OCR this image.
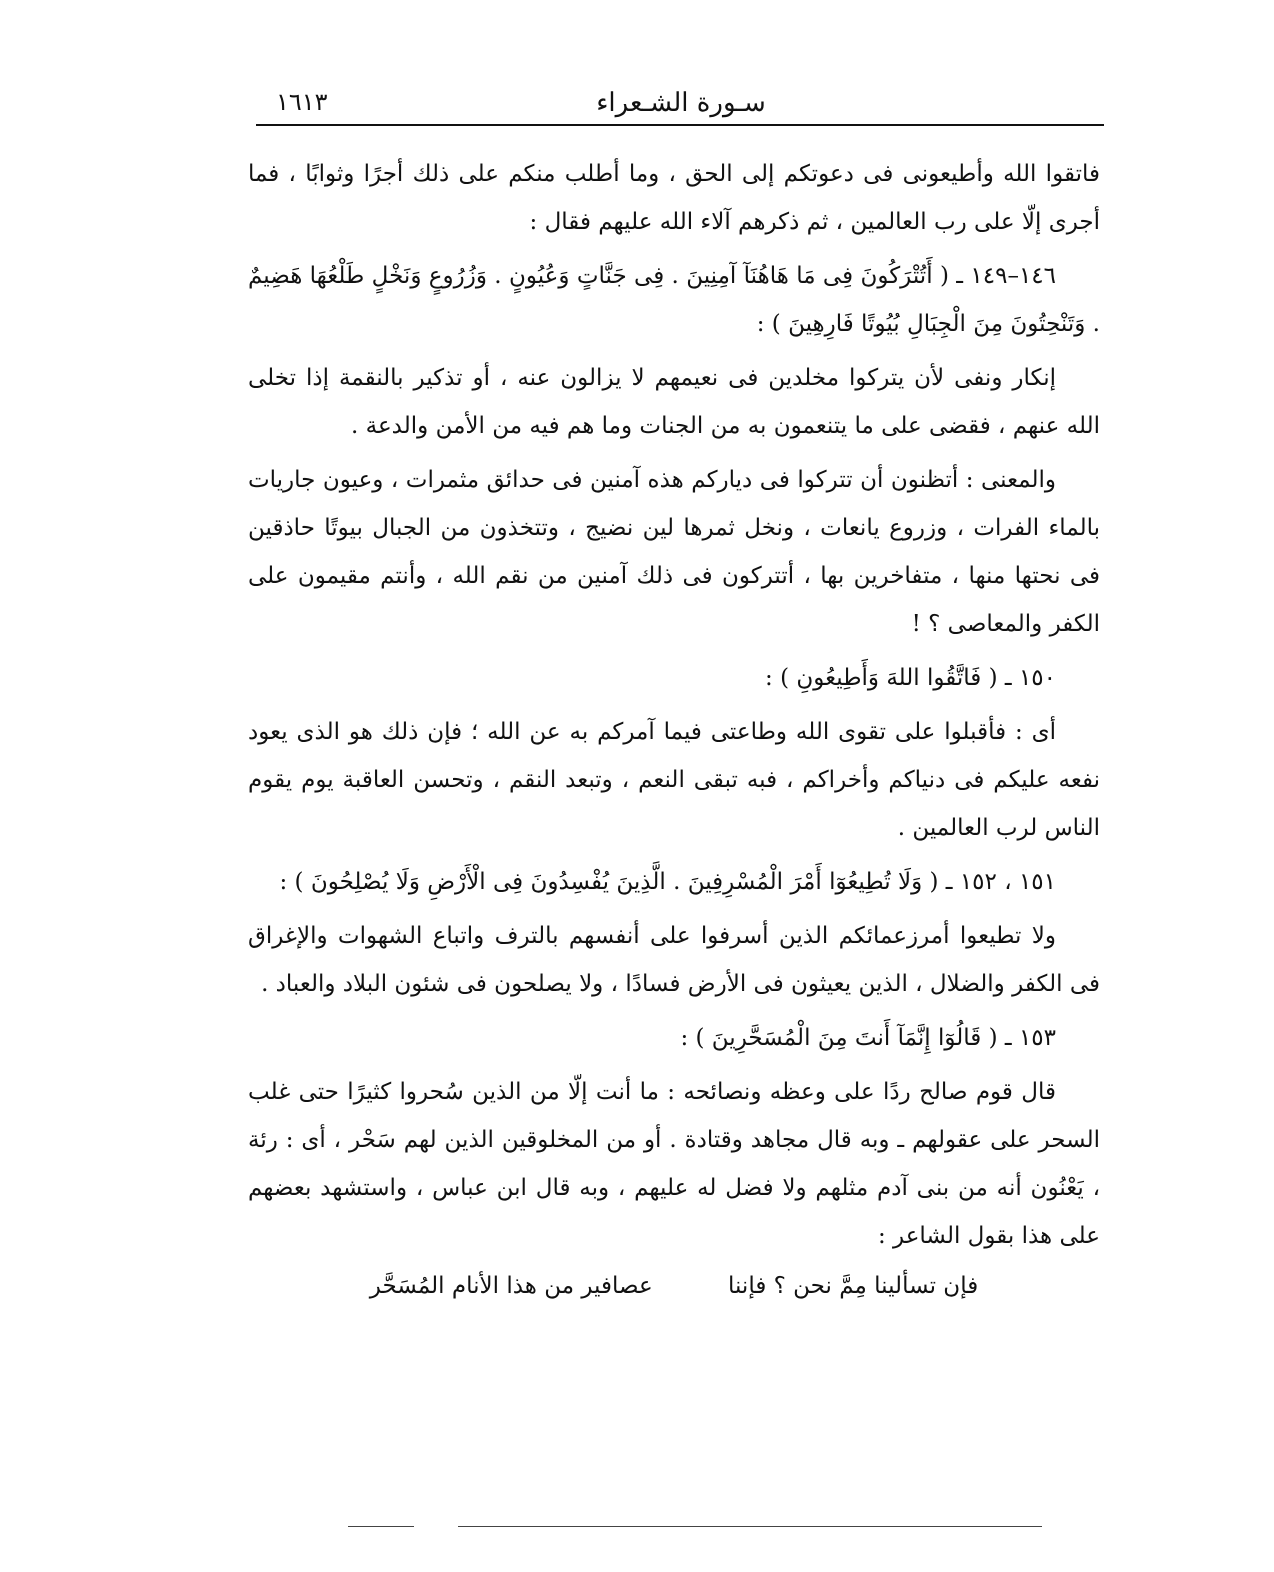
سـورة الشـعراء
١٦١٣

فاتقوا الله وأطيعونى فى دعوتكم إلى الحق ، وما أطلب منكم على ذلك أجرًا وثوابًا ، فما أجرى إلّا على رب العالمين ، ثم ذكرهم آلاء الله عليهم فقال :

١٤٦–١٤٩ ـ ( أَتُتْرَكُونَ فِى مَا هَاهُنَآ آمِنِينَ . فِى جَنَّاتٍ وَعُيُونٍ . وَزُرُوعٍ وَنَخْلٍ طَلْعُهَا هَضِيمٌ . وَتَنْحِتُونَ مِنَ الْجِبَالِ بُيُوتًا فَارِهِينَ ) :

إنكار ونفى لأن يتركوا مخلدين فى نعيمهم لا يزالون عنه ، أو تذكير بالنقمة إذا تخلى الله عنهم ، فقضى على ما يتنعمون به من الجنات وما هم فيه من الأمن والدعة .

والمعنى : أتظنون أن تتركوا فى دياركم هذه آمنين فى حدائق مثمرات ، وعيون جاريات بالماء الفرات ، وزروع يانعات ، ونخل ثمرها لين نضيج ، وتتخذون من الجبال بيوتًا حاذقين فى نحتها منها ، متفاخرين بها ، أتتركون فى ذلك آمنين من نقم الله ، وأنتم مقيمون على الكفر والمعاصى ؟ !

١٥٠ ـ ( فَاتَّقُوا اللهَ وَأَطِيعُونِ ) :

أى : فأقبلوا على تقوى الله وطاعتى فيما آمركم به عن الله ؛ فإن ذلك هو الذى يعود نفعه عليكم فى دنياكم وأخراكم ، فبه تبقى النعم ، وتبعد النقم ، وتحسن العاقبة يوم يقوم الناس لرب العالمين .

١٥١ ، ١٥٢ ـ ( وَلَا تُطِيعُوٓا أَمْرَ الْمُسْرِفِينَ . الَّذِينَ يُفْسِدُونَ فِى الْأَرْضِ وَلَا يُصْلِحُونَ ) :

ولا تطيعوا أمرزعمائكم الذين أسرفوا على أنفسهم بالترف واتباع الشهوات والإغراق فى الكفر والضلال ، الذين يعيثون فى الأرض فسادًا ، ولا يصلحون فى شئون البلاد والعباد .

١٥٣ ـ ( قَالُوٓا إِنَّمَآ أَنتَ مِنَ الْمُسَحَّرِينَ ) :

قال قوم صالح ردًا على وعظه ونصائحه : ما أنت إلّا من الذين سُحروا كثيرًا حتى غلب السحر على عقولهم ـ وبه قال مجاهد وقتادة . أو من المخلوقين الذين لهم سَحْر ، أى : رئة ، يَعْنُون أنه من بنى آدم مثلهم ولا فضل له عليهم ، وبه قال ابن عباس ، واستشهد بعضهم على هذا بقول الشاعر :

فإن تسألينا مِمَّ نحن ؟ فإننا عصافير من هذا الأنام المُسَحَّر
